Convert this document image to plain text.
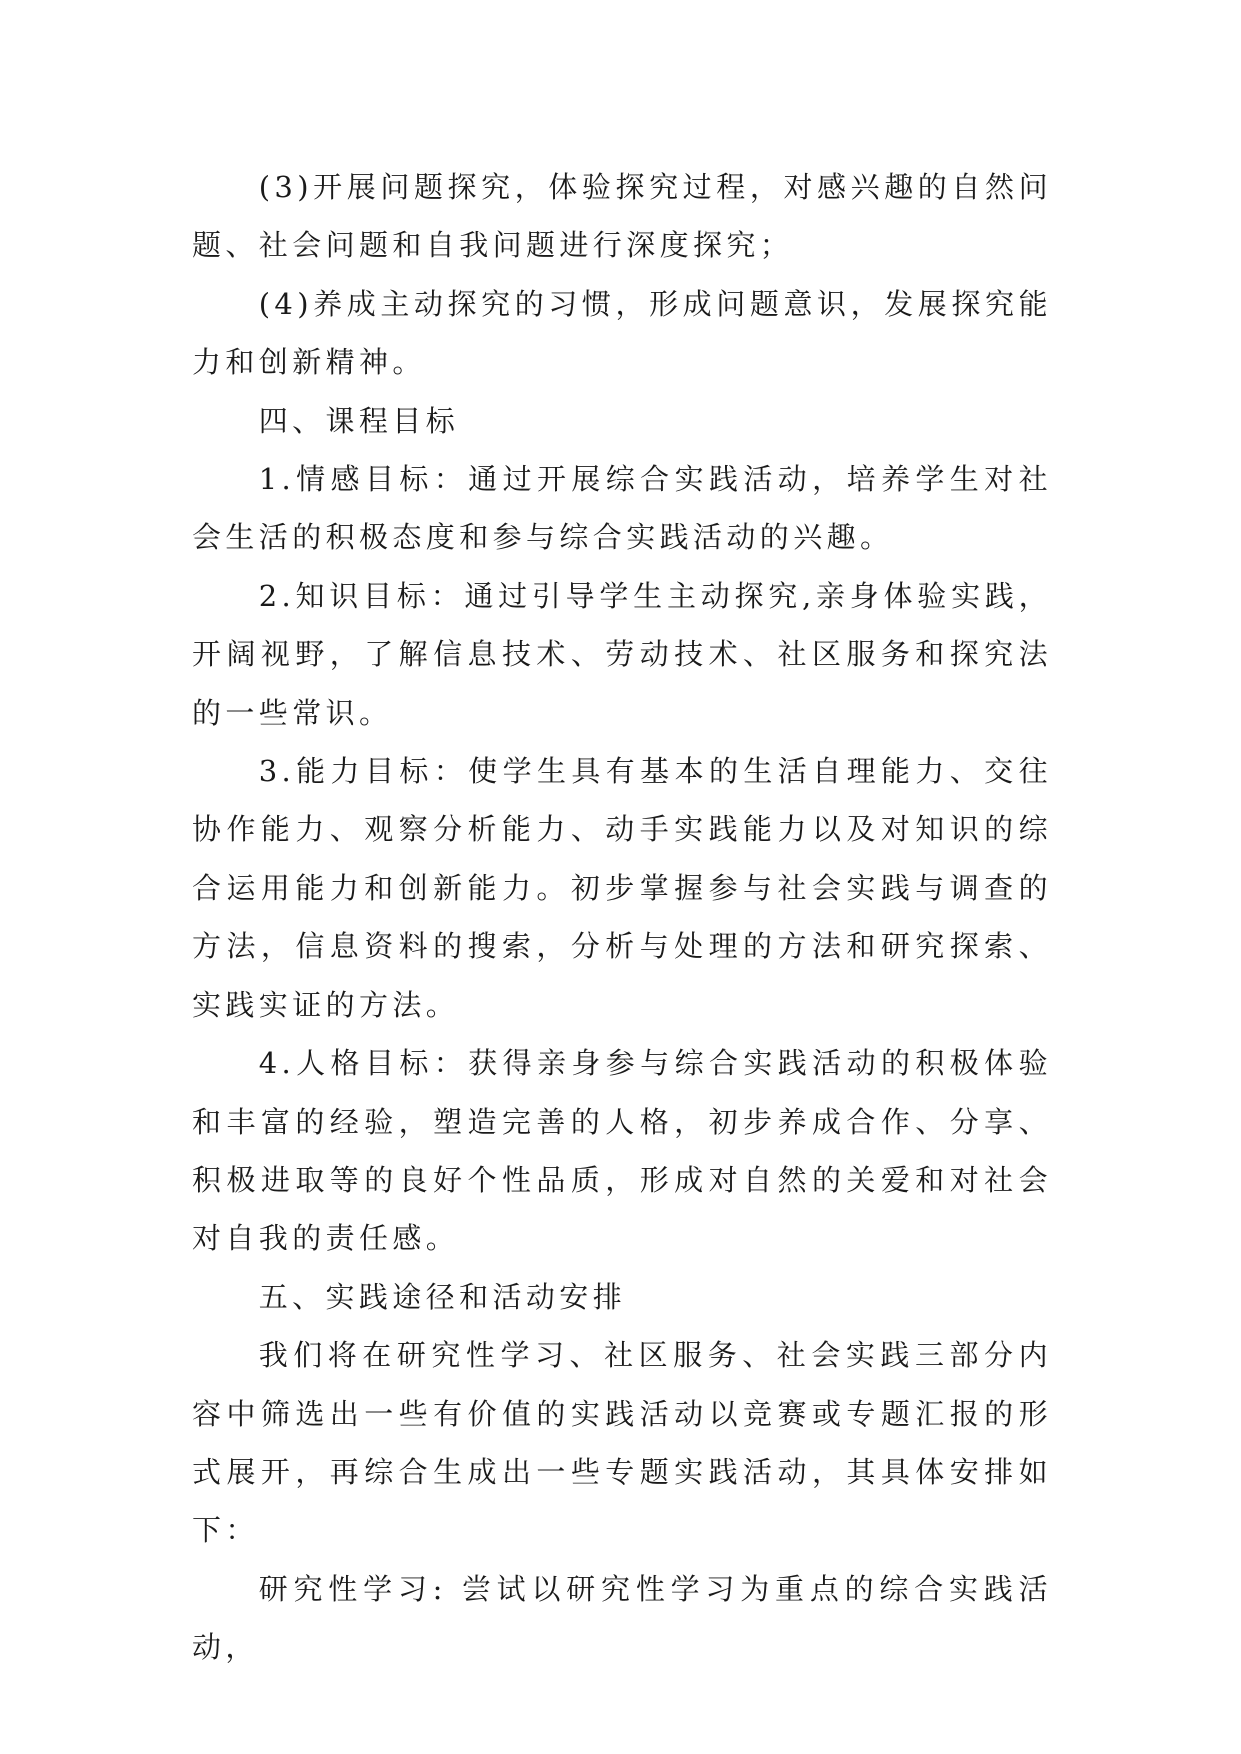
(3)开展问题探究，体验探究过程，对感兴趣的自然问题、社会问题和自我问题进行深度探究；

(4)养成主动探究的习惯，形成问题意识，发展探究能力和创新精神。

四、课程目标

1.情感目标：通过开展综合实践活动，培养学生对社会生活的积极态度和参与综合实践活动的兴趣。

2.知识目标：通过引导学生主动探究,亲身体验实践，开阔视野，了解信息技术、劳动技术、社区服务和探究法的一些常识。

3.能力目标：使学生具有基本的生活自理能力、交往协作能力、观察分析能力、动手实践能力以及对知识的综合运用能力和创新能力。初步掌握参与社会实践与调查的方法，信息资料的搜索，分析与处理的方法和研究探索、实践实证的方法。

4.人格目标：获得亲身参与综合实践活动的积极体验和丰富的经验，塑造完善的人格，初步养成合作、分享、积极进取等的良好个性品质，形成对自然的关爱和对社会对自我的责任感。

五、实践途径和活动安排

我们将在研究性学习、社区服务、社会实践三部分内容中筛选出一些有价值的实践活动以竞赛或专题汇报的形式展开，再综合生成出一些专题实践活动，其具体安排如下：

研究性学习: 尝试以研究性学习为重点的综合实践活动，
